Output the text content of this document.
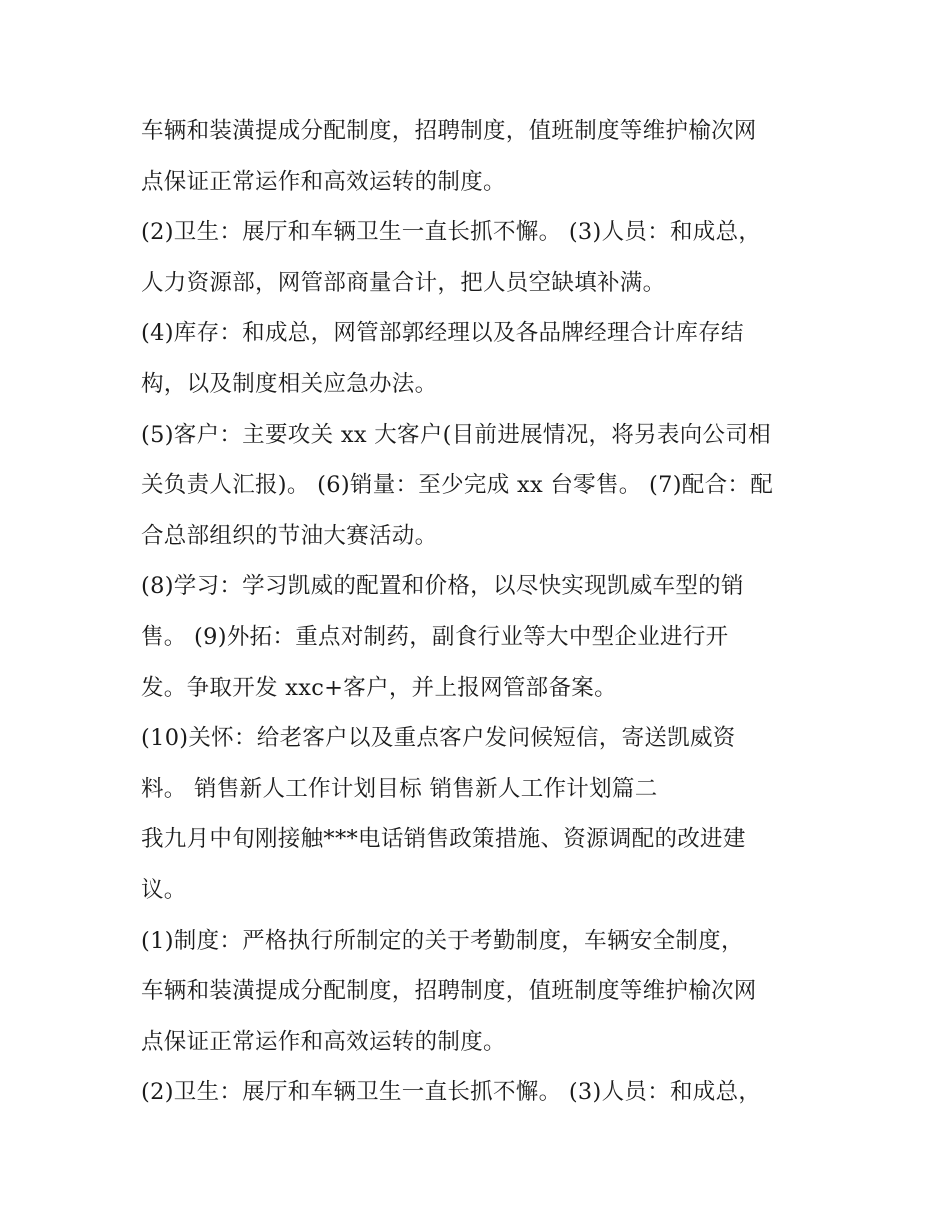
车辆和装潢提成分配制度，招聘制度，值班制度等维护榆次网
点保证正常运作和高效运转的制度。
(2)卫生：展厅和车辆卫生一直长抓不懈。 (3)人员：和成总，
人力资源部，网管部商量合计，把人员空缺填补满。
(4)库存：和成总，网管部郭经理以及各品牌经理合计库存结
构，以及制度相关应急办法。
(5)客户：主要攻关 xx 大客户(目前进展情况，将另表向公司相
关负责人汇报)。 (6)销量：至少完成 xx 台零售。 (7)配合：配
合总部组织的节油大赛活动。
(8)学习：学习凯威的配置和价格，以尽快实现凯威车型的销
售。 (9)外拓：重点对制药，副食行业等大中型企业进行开
发。争取开发 xxc+客户，并上报网管部备案。
(10)关怀：给老客户以及重点客户发问候短信，寄送凯威资
料。 销售新人工作计划目标 销售新人工作计划篇二
我九月中旬刚接触***电话销售政策措施、资源调配的改进建
议。
(1)制度：严格执行所制定的关于考勤制度，车辆安全制度，
车辆和装潢提成分配制度，招聘制度，值班制度等维护榆次网
点保证正常运作和高效运转的制度。
(2)卫生：展厅和车辆卫生一直长抓不懈。 (3)人员：和成总，
